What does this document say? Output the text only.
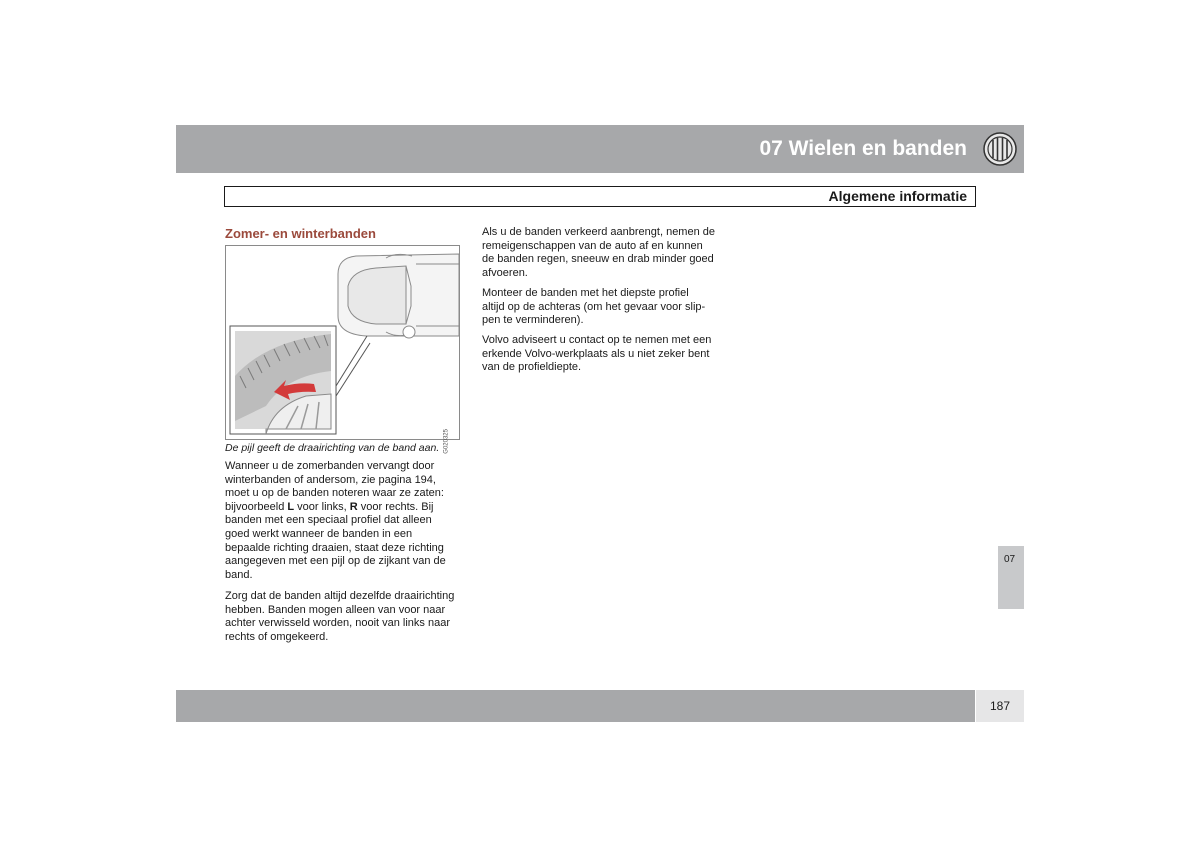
07 Wielen en banden
Algemene informatie
Zomer- en winterbanden
G020325
De pijl geeft de draairichting van de band aan.
Wanneer u de zomerbanden vervangt door
winterbanden of andersom, zie pagina 194,
moet u op de banden noteren waar ze zaten:
bijvoorbeeld L voor links, R voor rechts. Bij
banden met een speciaal profiel dat alleen
goed werkt wanneer de banden in een
bepaalde richting draaien, staat deze richting
aangegeven met een pijl op de zijkant van de
band.
Zorg dat de banden altijd dezelfde draairichting
hebben. Banden mogen alleen van voor naar
achter verwisseld worden, nooit van links naar
rechts of omgekeerd.
Als u de banden verkeerd aanbrengt, nemen de
remeigenschappen van de auto af en kunnen
de banden regen, sneeuw en drab minder goed
afvoeren.
Monteer de banden met het diepste profiel
altijd op de achteras (om het gevaar voor slip-
pen te verminderen).
Volvo adviseert u contact op te nemen met een
erkende Volvo-werkplaats als u niet zeker bent
van de profieldiepte.
07
187
